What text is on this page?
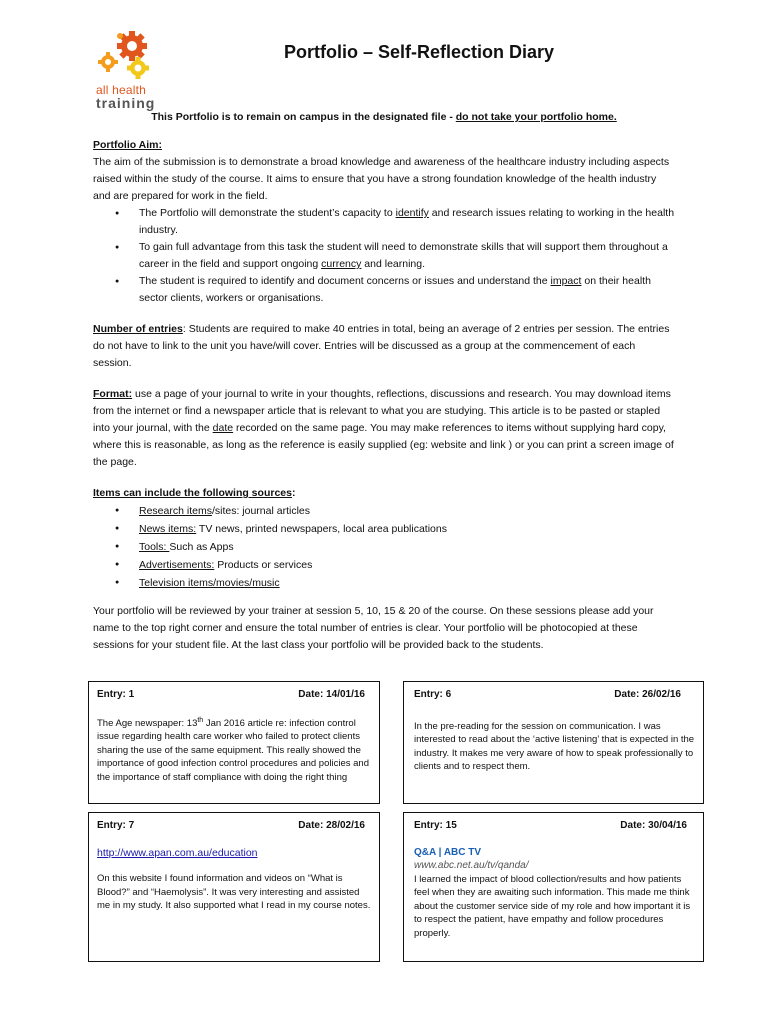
all health
training
Portfolio – Self-Reflection Diary
This Portfolio is to remain on campus in the designated file - do not take your portfolio home.

Portfolio Aim:

The aim of the submission is to demonstrate a broad knowledge and awareness of the healthcare industry including aspects raised within the study of the course. It aims to ensure that you have a strong foundation knowledge of the health industry and are prepared for work in the field.

● The Portfolio will demonstrate the student’s capacity to identify and research issues relating to working in the health industry.
● To gain full advantage from this task the student will need to demonstrate skills that will support them throughout a career in the field and support ongoing currency and learning.
● The student is required to identify and document concerns or issues and understand the impact on their health sector clients, workers or organisations.

Number of entries: Students are required to make 40 entries in total, being an average of 2 entries per session. The entries do not have to link to the unit you have/will cover. Entries will be discussed as a group at the commencement of each session.

Format: use a page of your journal to write in your thoughts, reflections, discussions and research. You may download items from the internet or find a newspaper article that is relevant to what you are studying. This article is to be pasted or stapled into your journal, with the date recorded on the same page. You may make references to items without supplying hard copy, where this is reasonable, as long as the reference is easily supplied (eg: website and link ) or you can print a screen image of the page.

Items can include the following sources:

● Research items/sites: journal articles
● News items: TV news, printed newspapers, local area publications
● Tools: Such as Apps
● Advertisements: Products or services
● Television items/movies/music

Your portfolio will be reviewed by your trainer at session 5, 10, 15 & 20 of the course. On these sessions please add your name to the top right corner and ensure the total number of entries is clear. Your portfolio will be photocopied at these sessions for your student file. At the last class your portfolio will be provided back to the students.

Entry: 1	Date: 14/01/16
The Age newspaper: 13th Jan 2016 article re: infection control issue regarding health care worker who failed to protect clients sharing the use of the same equipment. This really showed the importance of good infection control procedures and policies and the importance of staff compliance with doing the right thing
Entry: 6	Date: 26/02/16
In the pre-reading for the session on communication. I was interested to read about the ‘active listening’ that is expected in the industry. It makes me very aware of how to speak professionally to clients and to respect them.
Entry: 7	Date: 28/02/16
http://www.apan.com.au/education
On this website I found information and videos on “What is Blood?” and “Haemolysis”. It was very interesting and assisted me in my study. It also supported what I read in my course notes.
Entry: 15	Date: 30/04/16
Q&A | ABC TV
www.abc.net.au/tv/qanda/
I learned the impact of blood collection/results and how patients feel when they are awaiting such information. This made me think about the customer service side of my role and how important it is to respect the patient, have empathy and follow procedures properly.
